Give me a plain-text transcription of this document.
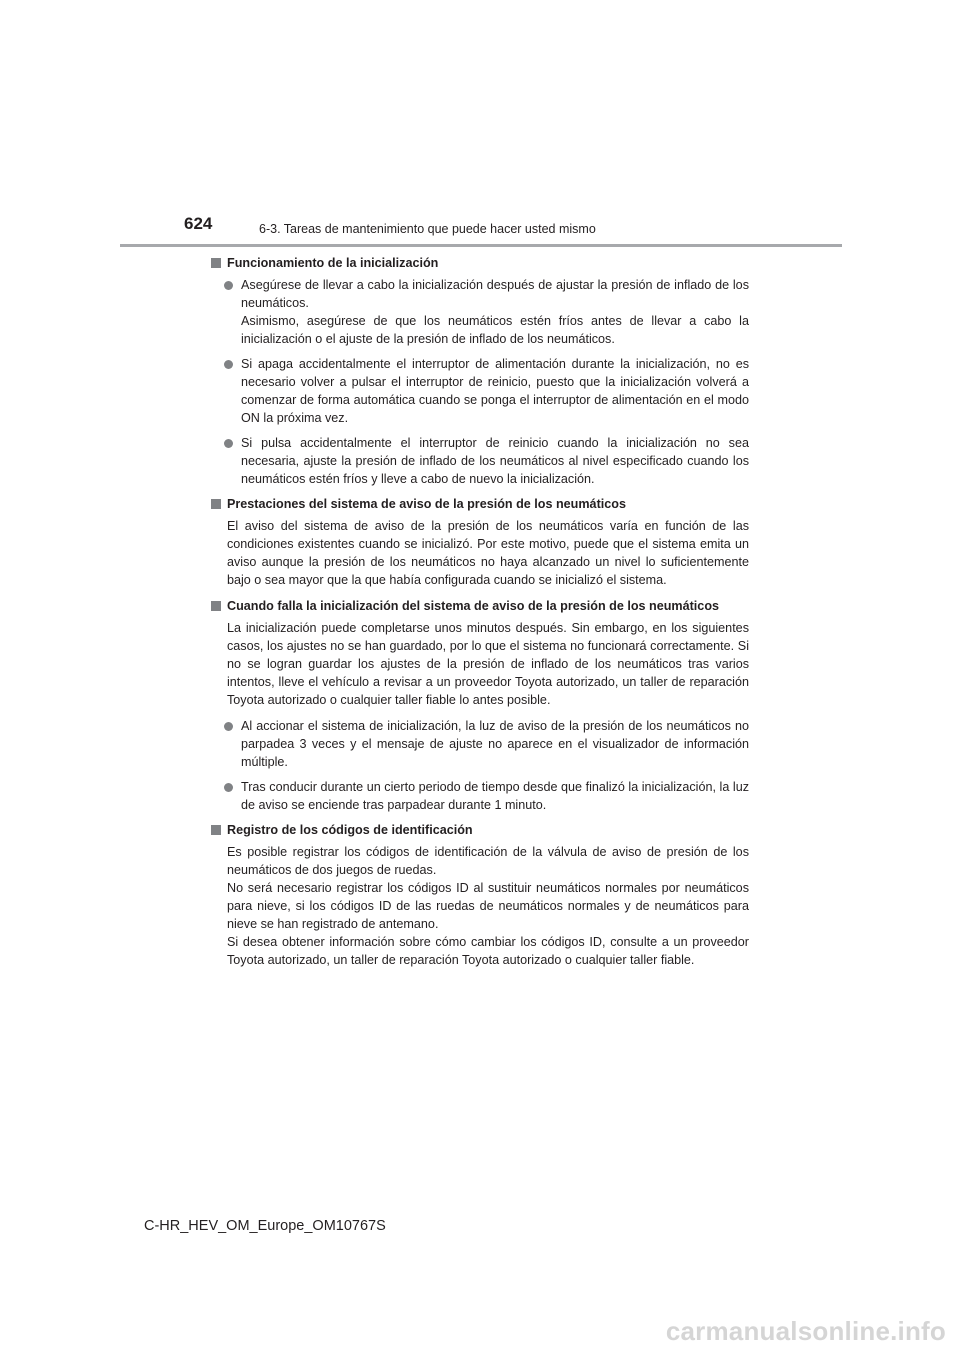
624	6-3. Tareas de mantenimiento que puede hacer usted mismo
Funcionamiento de la inicialización

Asegúrese de llevar a cabo la inicialización después de ajustar la presión de inflado de los neumáticos.

Asimismo, asegúrese de que los neumáticos estén fríos antes de llevar a cabo la inicialización o el ajuste de la presión de inflado de los neumáticos.

Si apaga accidentalmente el interruptor de alimentación durante la inicialización, no es necesario volver a pulsar el interruptor de reinicio, puesto que la inicialización volverá a comenzar de forma automática cuando se ponga el interruptor de alimentación en el modo ON la próxima vez.

Si pulsa accidentalmente el interruptor de reinicio cuando la inicialización no sea necesaria, ajuste la presión de inflado de los neumáticos al nivel especificado cuando los neumáticos estén fríos y lleve a cabo de nuevo la inicialización.

Prestaciones del sistema de aviso de la presión de los neumáticos

El aviso del sistema de aviso de la presión de los neumáticos varía en función de las condiciones existentes cuando se inicializó. Por este motivo, puede que el sistema emita un aviso aunque la presión de los neumáticos no haya alcanzado un nivel lo suficientemente bajo o sea mayor que la que había configurada cuando se inicializó el sistema.

Cuando falla la inicialización del sistema de aviso de la presión de los neumáticos

La inicialización puede completarse unos minutos después. Sin embargo, en los siguientes casos, los ajustes no se han guardado, por lo que el sistema no funcionará correctamente. Si no se logran guardar los ajustes de la presión de inflado de los neumáticos tras varios intentos, lleve el vehículo a revisar a un proveedor Toyota autorizado, un taller de reparación Toyota autorizado o cualquier taller fiable lo antes posible.

Al accionar el sistema de inicialización, la luz de aviso de la presión de los neumáticos no parpadea 3 veces y el mensaje de ajuste no aparece en el visualizador de información múltiple.

Tras conducir durante un cierto periodo de tiempo desde que finalizó la inicialización, la luz de aviso se enciende tras parpadear durante 1 minuto.

Registro de los códigos de identificación

Es posible registrar los códigos de identificación de la válvula de aviso de presión de los neumáticos de dos juegos de ruedas.

No será necesario registrar los códigos ID al sustituir neumáticos normales por neumáticos para nieve, si los códigos ID de las ruedas de neumáticos normales y de neumáticos para nieve se han registrado de antemano.

Si desea obtener información sobre cómo cambiar los códigos ID, consulte a un proveedor Toyota autorizado, un taller de reparación Toyota autorizado o cualquier taller fiable.

C-HR_HEV_OM_Europe_OM10767S
carmanualsonline.info
